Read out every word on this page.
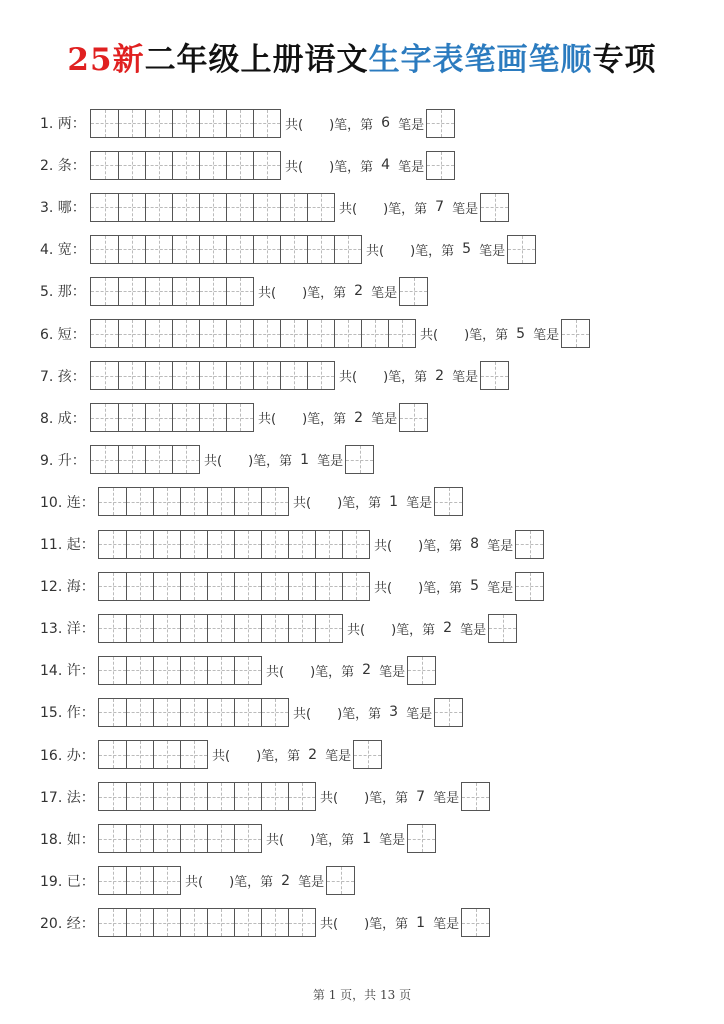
25新二年级上册语文生字表笔画笔顺专项
1. 两：	共( )笔，第 6 笔是
2. 条：	共( )笔，第 4 笔是
3. 哪：	共( )笔，第 7 笔是
4. 宽：	共( )笔，第 5 笔是
5. 那：	共( )笔，第 2 笔是
6. 短：	共( )笔，第 5 笔是
7. 孩：	共( )笔，第 2 笔是
8. 成：	共( )笔，第 2 笔是
9. 升：	共( )笔，第 1 笔是
10. 连：	共( )笔，第 1 笔是
11. 起：	共( )笔，第 8 笔是
12. 海：	共( )笔，第 5 笔是
13. 洋：	共( )笔，第 2 笔是
14. 许：	共( )笔，第 2 笔是
15. 作：	共( )笔，第 3 笔是
16. 办：	共( )笔，第 2 笔是
17. 法：	共( )笔，第 7 笔是
18. 如：	共( )笔，第 1 笔是
19. 已：	共( )笔，第 2 笔是
20. 经：	共( )笔，第 1 笔是
第 1 页，共 13 页
